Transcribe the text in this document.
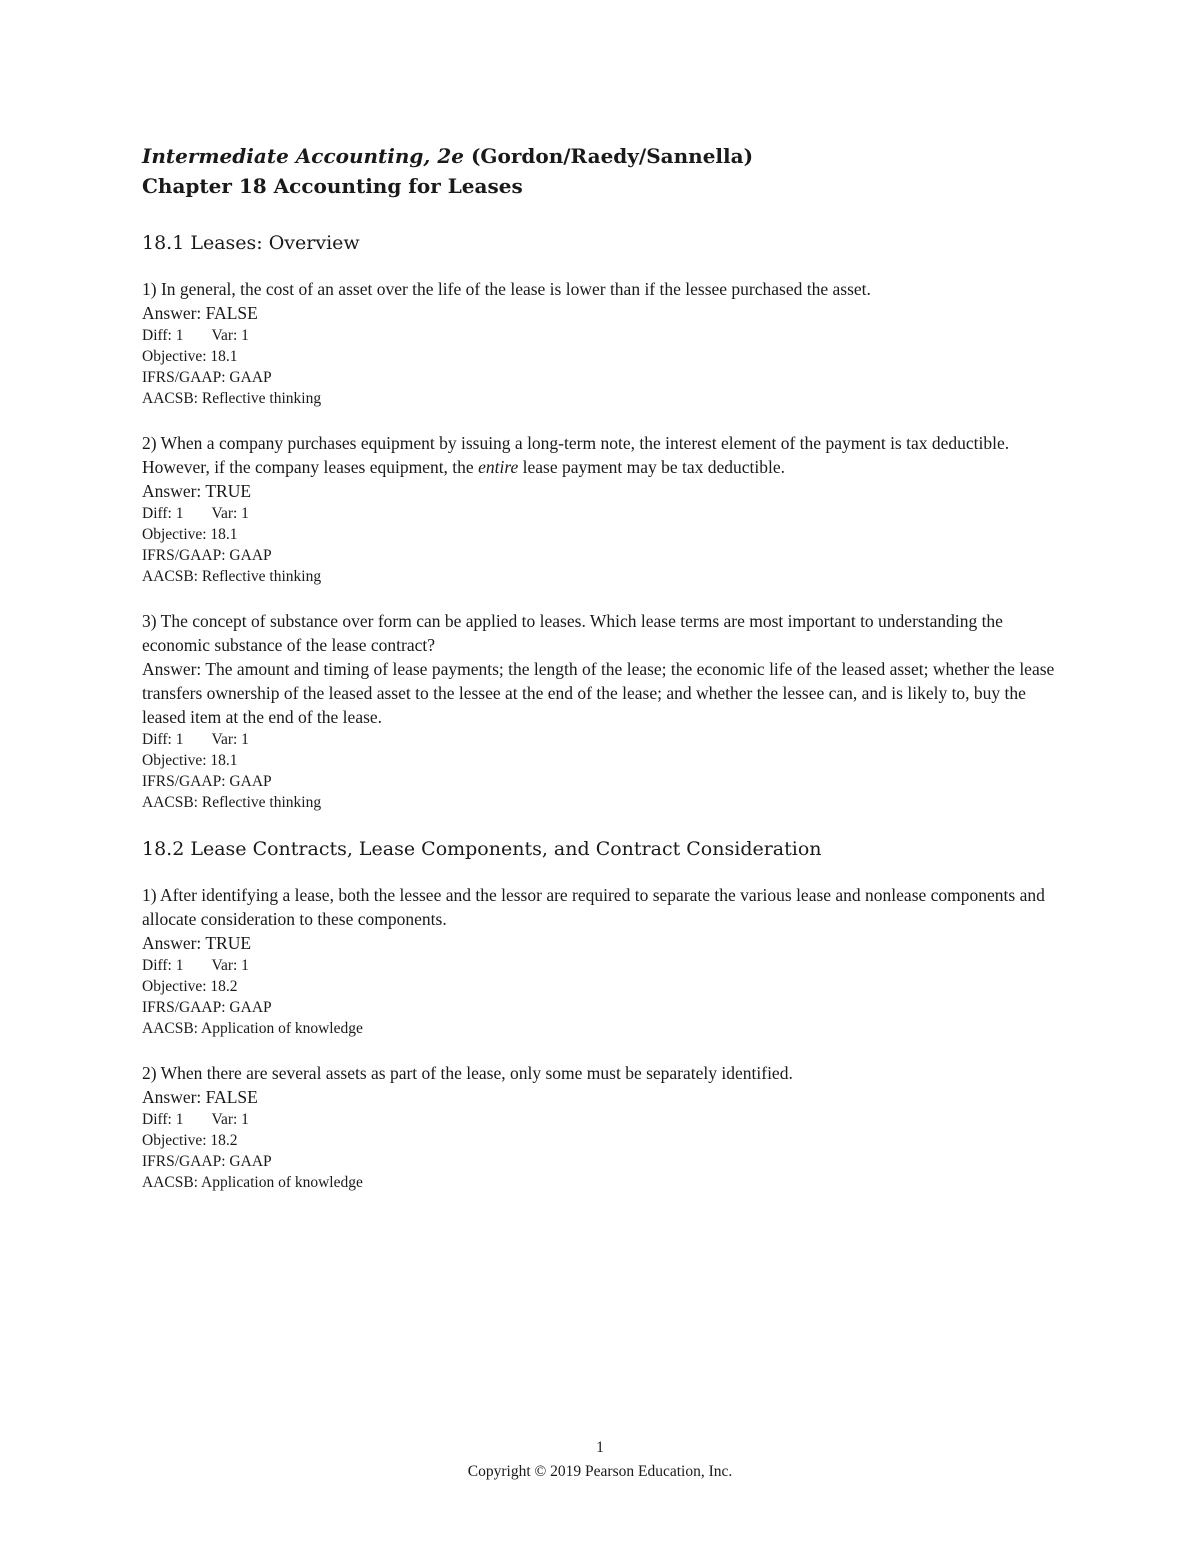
Intermediate Accounting, 2e (Gordon/Raedy/Sannella)
Chapter 18 Accounting for Leases
18.1 Leases: Overview

1) In general, the cost of an asset over the life of the lease is lower than if the lessee purchased the asset.

Answer: FALSE

Diff: 1 Var: 1

Objective: 18.1

IFRS/GAAP: GAAP

AACSB: Reflective thinking

2) When a company purchases equipment by issuing a long-term note, the interest element of the payment is tax deductible. However, if the company leases equipment, the entire lease payment may be tax deductible.

Answer: TRUE

Diff: 1 Var: 1

Objective: 18.1

IFRS/GAAP: GAAP

AACSB: Reflective thinking

3) The concept of substance over form can be applied to leases. Which lease terms are most important to understanding the economic substance of the lease contract?

Answer: The amount and timing of lease payments; the length of the lease; the economic life of the leased asset; whether the lease transfers ownership of the leased asset to the lessee at the end of the lease; and whether the lessee can, and is likely to, buy the leased item at the end of the lease.

Diff: 1 Var: 1

Objective: 18.1

IFRS/GAAP: GAAP

AACSB: Reflective thinking

18.2 Lease Contracts, Lease Components, and Contract Consideration

1) After identifying a lease, both the lessee and the lessor are required to separate the various lease and nonlease components and allocate consideration to these components.

Answer: TRUE

Diff: 1 Var: 1

Objective: 18.2

IFRS/GAAP: GAAP

AACSB: Application of knowledge

2) When there are several assets as part of the lease, only some must be separately identified.

Answer: FALSE

Diff: 1 Var: 1

Objective: 18.2

IFRS/GAAP: GAAP

AACSB: Application of knowledge

1
Copyright © 2019 Pearson Education, Inc.
